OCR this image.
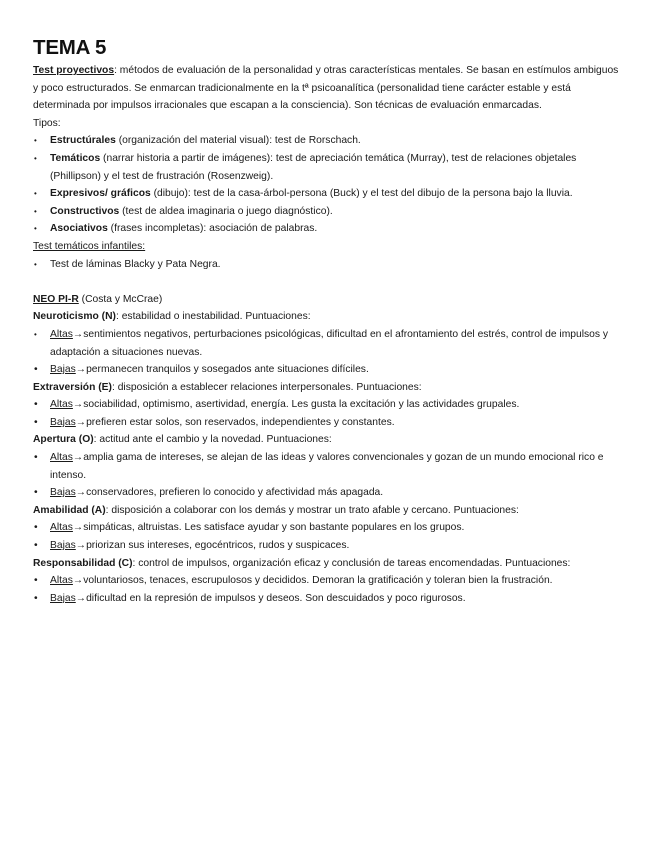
TEMA 5

Test proyectivos: métodos de evaluación de la personalidad y otras características mentales. Se basan en estímulos ambiguos y poco estructurados. Se enmarcan tradicionalmente en la tª psicoanalítica (personalidad tiene carácter estable y está determinada por impulsos irracionales que escapan a la consciencia). Son técnicas de evaluación enmarcadas.

Tipos:

• Estructúrales (organización del material visual): test de Rorschach.
• Temáticos (narrar historia a partir de imágenes): test de apreciación temática (Murray), test de relaciones objetales (Phillipson) y el test de frustración (Rosenzweig).
• Expresivos/ gráficos (dibujo): test de la casa-árbol-persona (Buck) y el test del dibujo de la persona bajo la lluvia.
• Constructivos (test de aldea imaginaria o juego diagnóstico).
• Asociativos (frases incompletas): asociación de palabras.

Test temáticos infantiles:

• Test de láminas Blacky y Pata Negra.

NEO PI-R (Costa y McCrae)

Neuroticismo (N): estabilidad o inestabilidad. Puntuaciones:

• Altas→sentimientos negativos, perturbaciones psicológicas, dificultad en el afrontamiento del estrés, control de impulsos y adaptación a situaciones nuevas.
• Bajas→permanecen tranquilos y sosegados ante situaciones difíciles.

Extraversión (E): disposición a establecer relaciones interpersonales. Puntuaciones:

• Altas→sociabilidad, optimismo, asertividad, energía. Les gusta la excitación y las actividades grupales.
• Bajas→prefieren estar solos, son reservados, independientes y constantes.

Apertura (O): actitud ante el cambio y la novedad. Puntuaciones:

• Altas→amplia gama de intereses, se alejan de las ideas y valores convencionales y gozan de un mundo emocional rico e intenso.
• Bajas→conservadores, prefieren lo conocido y afectividad más apagada.

Amabilidad (A): disposición a colaborar con los demás y mostrar un trato afable y cercano. Puntuaciones:

• Altas→simpáticas, altruistas. Les satisface ayudar y son bastante populares en los grupos.
• Bajas→priorizan sus intereses, egocéntricos, rudos y suspicaces.

Responsabilidad (C): control de impulsos, organización eficaz y conclusión de tareas encomendadas. Puntuaciones:

• Altas→voluntariosos, tenaces, escrupulosos y decididos. Demoran la gratificación y toleran bien la frustración.
• Bajas→dificultad en la represión de impulsos y deseos. Son descuidados y poco rigurosos.
